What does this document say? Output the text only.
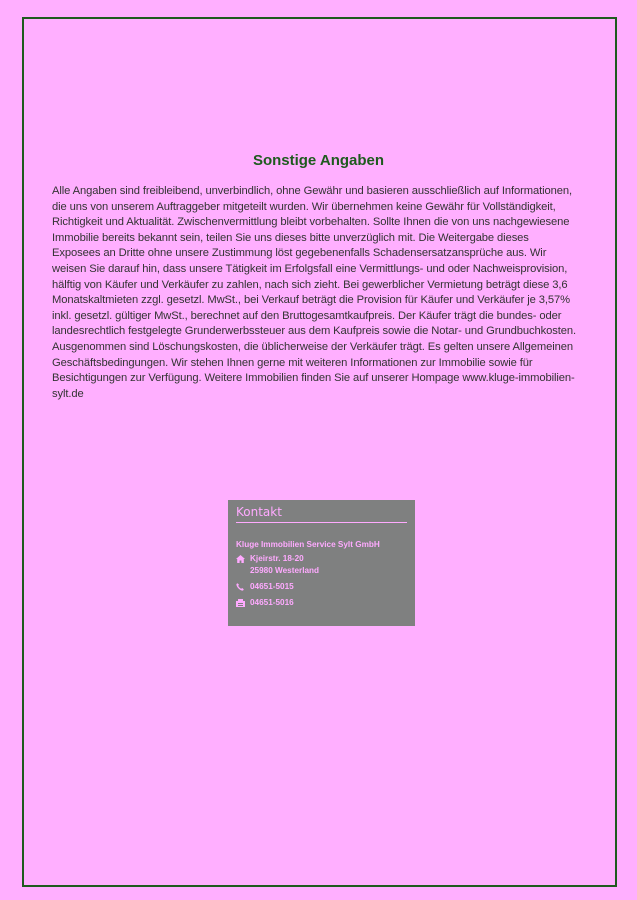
Sonstige Angaben

Alle Angaben sind freibleibend, unverbindlich, ohne Gewähr und basieren ausschließlich auf Informationen, die uns von unserem Auftraggeber mitgeteilt wurden. Wir übernehmen keine Gewähr für Vollständigkeit, Richtigkeit und Aktualität. Zwischenvermittlung bleibt vorbehalten. Sollte Ihnen die von uns nachgewiesene Immobilie bereits bekannt sein, teilen Sie uns dieses bitte unverzüglich mit. Die Weitergabe dieses Exposees an Dritte ohne unsere Zustimmung löst gegebenenfalls Schadensersatzansprüche aus. Wir weisen Sie darauf hin, dass unsere Tätigkeit im Erfolgsfall eine Vermittlungs- und oder Nachweisprovision, hälftig von Käufer und Verkäufer zu zahlen, nach sich zieht. Bei gewerblicher Vermietung beträgt diese 3,6 Monatskaltmieten zzgl. gesetzl. MwSt., bei Verkauf beträgt die Provision für Käufer und Verkäufer je 3,57% inkl. gesetzl. gültiger MwSt., berechnet auf den Bruttogesamtkaufpreis. Der Käufer trägt die bundes- oder landesrechtlich festgelegte Grunderwerbssteuer aus dem Kaufpreis sowie die Notar- und Grundbuchkosten. Ausgenommen sind Löschungskosten, die üblicherweise der Verkäufer trägt. Es gelten unsere Allgemeinen Geschäftsbedingungen. Wir stehen Ihnen gerne mit weiteren Informationen zur Immobilie sowie für Besichtigungen zur Verfügung. Weitere Immobilien finden Sie auf unserer Hompage www.kluge-immobilien-sylt.de

Kontakt
Kluge Immobilien Service Sylt GmbH
Kjeirstr. 18-20
25980 Westerland
04651-5015
04651-5016
